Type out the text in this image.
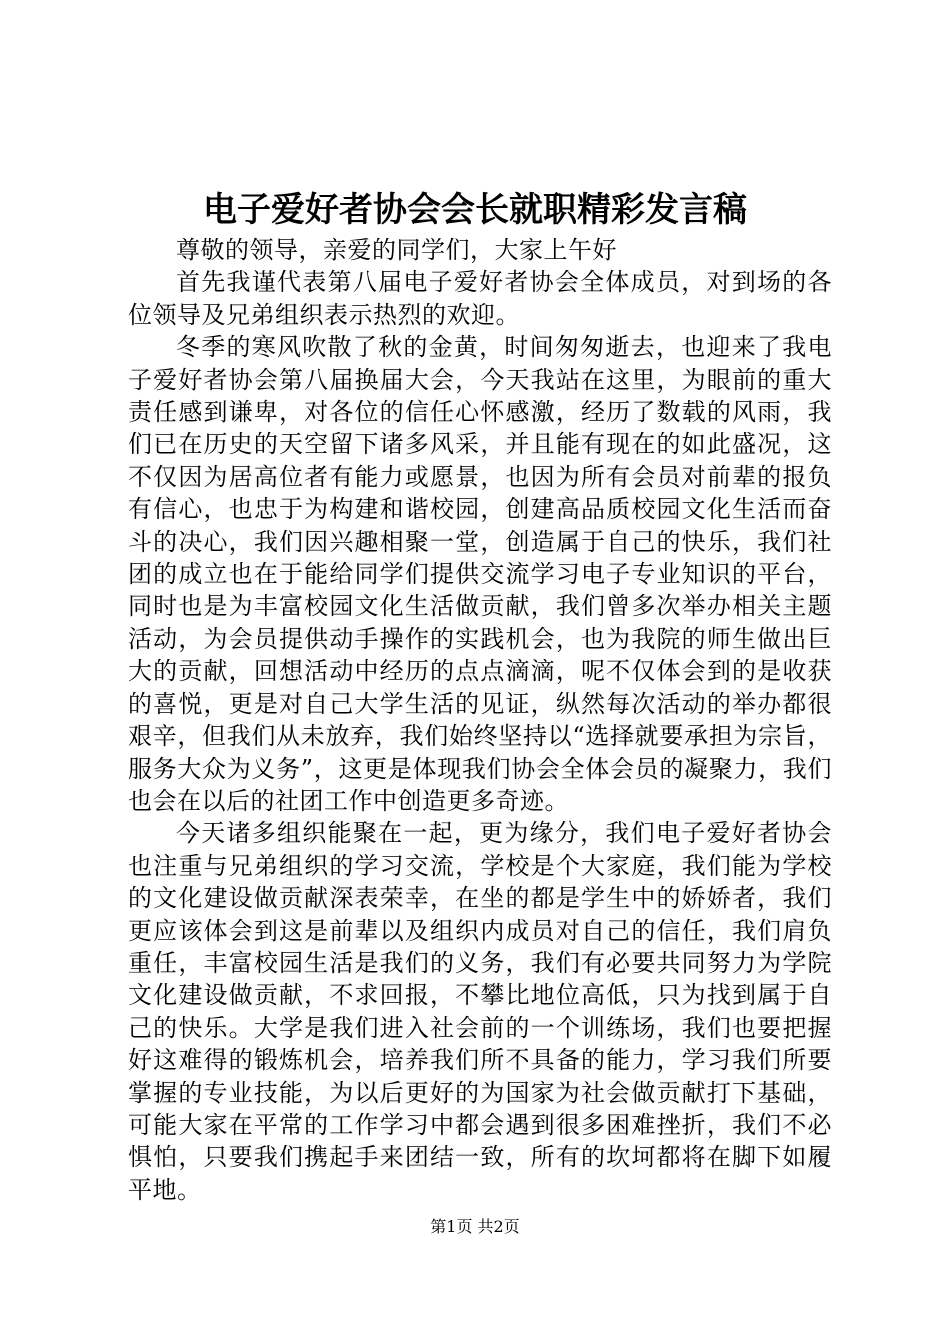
电子爱好者协会会长就职精彩发言稿

尊敬的领导，亲爱的同学们，大家上午好

首先我谨代表第八届电子爱好者协会全体成员，对到场的各位领导及兄弟组织表示热烈的欢迎。

冬季的寒风吹散了秋的金黄，时间匆匆逝去，也迎来了我电子爱好者协会第八届换届大会，今天我站在这里，为眼前的重大责任感到谦卑，对各位的信任心怀感激，经历了数载的风雨，我们已在历史的天空留下诸多风采，并且能有现在的如此盛况，这不仅因为居高位者有能力或愿景，也因为所有会员对前辈的报负有信心，也忠于为构建和谐校园，创建高品质校园文化生活而奋斗的决心，我们因兴趣相聚一堂，创造属于自己的快乐，我们社团的成立也在于能给同学们提供交流学习电子专业知识的平台，同时也是为丰富校园文化生活做贡献，我们曾多次举办相关主题活动，为会员提供动手操作的实践机会，也为我院的师生做出巨大的贡献，回想活动中经历的点点滴滴，呢不仅体会到的是收获的喜悦，更是对自己大学生活的见证，纵然每次活动的举办都很艰辛，但我们从未放弃，我们始终坚持以“选择就要承担为宗旨，服务大众为义务”，这更是体现我们协会全体会员的凝聚力，我们也会在以后的社团工作中创造更多奇迹。

今天诸多组织能聚在一起，更为缘分，我们电子爱好者协会也注重与兄弟组织的学习交流，学校是个大家庭，我们能为学校的文化建设做贡献深表荣幸，在坐的都是学生中的娇娇者，我们更应该体会到这是前辈以及组织内成员对自己的信任，我们肩负重任，丰富校园生活是我们的义务，我们有必要共同努力为学院文化建设做贡献，不求回报，不攀比地位高低，只为找到属于自己的快乐。大学是我们进入社会前的一个训练场，我们也要把握好这难得的锻炼机会，培养我们所不具备的能力，学习我们所要掌握的专业技能，为以后更好的为国家为社会做贡献打下基础，可能大家在平常的工作学习中都会遇到很多困难挫折，我们不必惧怕，只要我们携起手来团结一致，所有的坎坷都将在脚下如履平地。

第1页 共2页
